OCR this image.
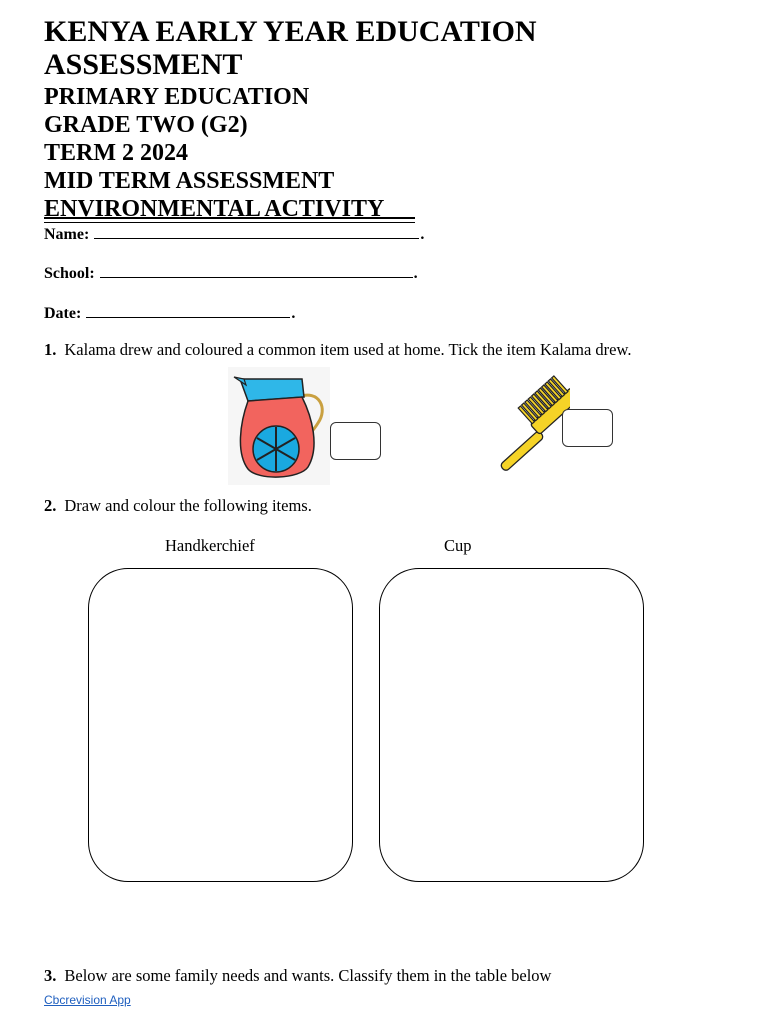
KENYA EARLY YEAR EDUCATION
ASSESSMENT
PRIMARY EDUCATION
GRADE TWO (G2)
TERM 2 2024
MID TERM ASSESSMENT
ENVIRONMENTAL ACTIVITY
Name:	.
School:	.
Date:	.
1. Kalama drew and coloured a common item used at home. Tick the item Kalama drew.
2. Draw and colour the following items.
Handkerchief	Cup
3. Below are some family needs and wants. Classify them in the table below
Cbcrevision App
